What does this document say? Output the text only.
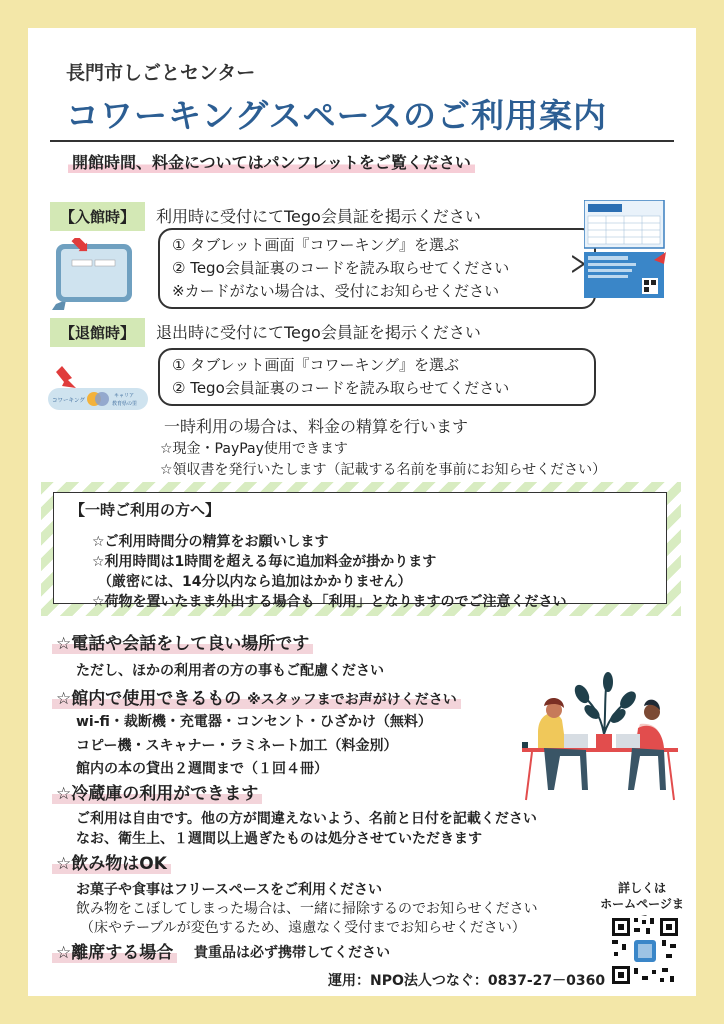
長門市しごとセンター
コワーキングスペースのご利用案内
開館時間、料金についてはパンフレットをご覧ください
【入館時】	利用時に受付にてTego会員証を掲示ください
① タブレット画面『コワーキング』を選ぶ
② Tego会員証裏のコードを読み取らせてください
※カードがない場合は、受付にお知らせください
【退館時】	退出時に受付にてTego会員証を掲示ください
コワーキング
キャリア
教育県の里
① タブレット画面『コワーキング』を選ぶ
② Tego会員証裏のコードを読み取らせてください
一時利用の場合は、料金の精算を行います
☆現金・PayPay使用できます
☆領収書を発行いたします（記載する名前を事前にお知らせください）
【一時ご利用の方へ】
☆ご利用時間分の精算をお願いします
☆利用時間は1時間を超える毎に追加料金が掛かります
（厳密には、14分以内なら追加はかかりません）
☆荷物を置いたまま外出する場合も「利用」となりますのでご注意ください
☆電話や会話をして良い場所です
ただし、ほかの利用者の方の事もご配慮ください
☆館内で使用できるもの ※スタッフまでお声がけください
wi-fi・裁断機・充電器・コンセント・ひざかけ（無料）
コピー機・スキャナー・ラミネート加工（料金別）
館内の本の貸出２週間まで（１回４冊）
☆冷蔵庫の利用ができます
ご利用は自由です。他の方が間違えないよう、名前と日付を記載ください
なお、衛生上、１週間以上過ぎたものは処分させていただきます
☆飲み物はOK
お菓子や食事はフリースペースをご利用ください
飲み物をこぼしてしまった場合は、一緒に掃除するのでお知らせください
（床やテーブルが変色するため、遠慮なく受付までお知らせください）
☆離席する場合 貴重品は必ず携帯してください
詳しくは
ホームページま
運用：NPO法人つなぐ：0837-27－0360
